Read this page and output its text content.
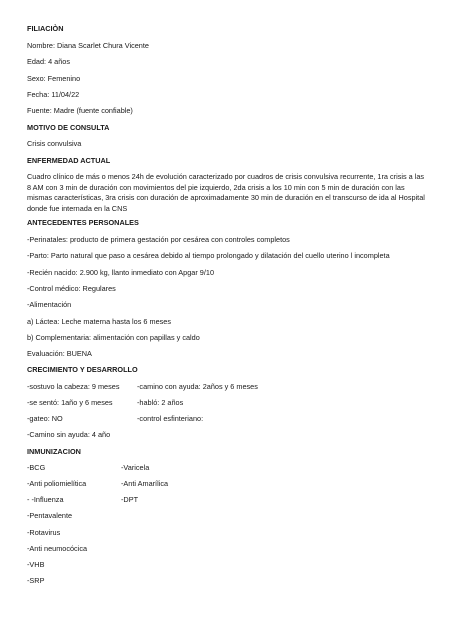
FILIACIÒN
Nombre: Diana Scarlet Chura Vicente
Edad: 4 años
Sexo: Femenino
Fecha: 11/04/22
Fuente: Madre (fuente confiable)
MOTIVO DE CONSULTA
Crisis convulsiva
ENFERMEDAD ACTUAL
Cuadro clínico de más o menos 24h de evolución caracterizado por cuadros de crisis convulsiva recurrente, 1ra crisis a las 8 AM con 3 min de duración con movimientos del pie izquierdo, 2da crisis a los 10 min con 5 min de duración con las mismas características, 3ra crisis con duración de aproximadamente 30 min de duración en el transcurso de ida al Hospital donde fue internada en la CNS
ANTECEDENTES PERSONALES
-Perinatales: producto de primera gestación por cesárea con controles completos
-Parto: Parto natural que paso a cesárea debido al tiempo prolongado y dilatación del cuello uterino l incompleta
-Recién nacido: 2.900 kg, llanto inmediato con Apgar 9/10
-Control médico: Regulares
-Alimentación
a) Láctea: Leche materna hasta los 6 meses
b) Complementaria: alimentación con papillas y caldo
Evaluación: BUENA
CRECIMIENTO Y DESARROLLO
-sostuvo la cabeza: 9 meses -camino con ayuda: 2años y 6 meses
-se sentó: 1año y 6 meses	-habló: 2 años
-gateo: NO	-control esfinteriano:
-Camino sin ayuda: 4 año
INMUNIZACION
-BCG	-Varicela
-Anti poliomielítica	-Anti Amarílica
- -Influenza	-DPT
-Pentavalente
-Rotavirus
-Anti neumocócica
-VHB
-SRP
